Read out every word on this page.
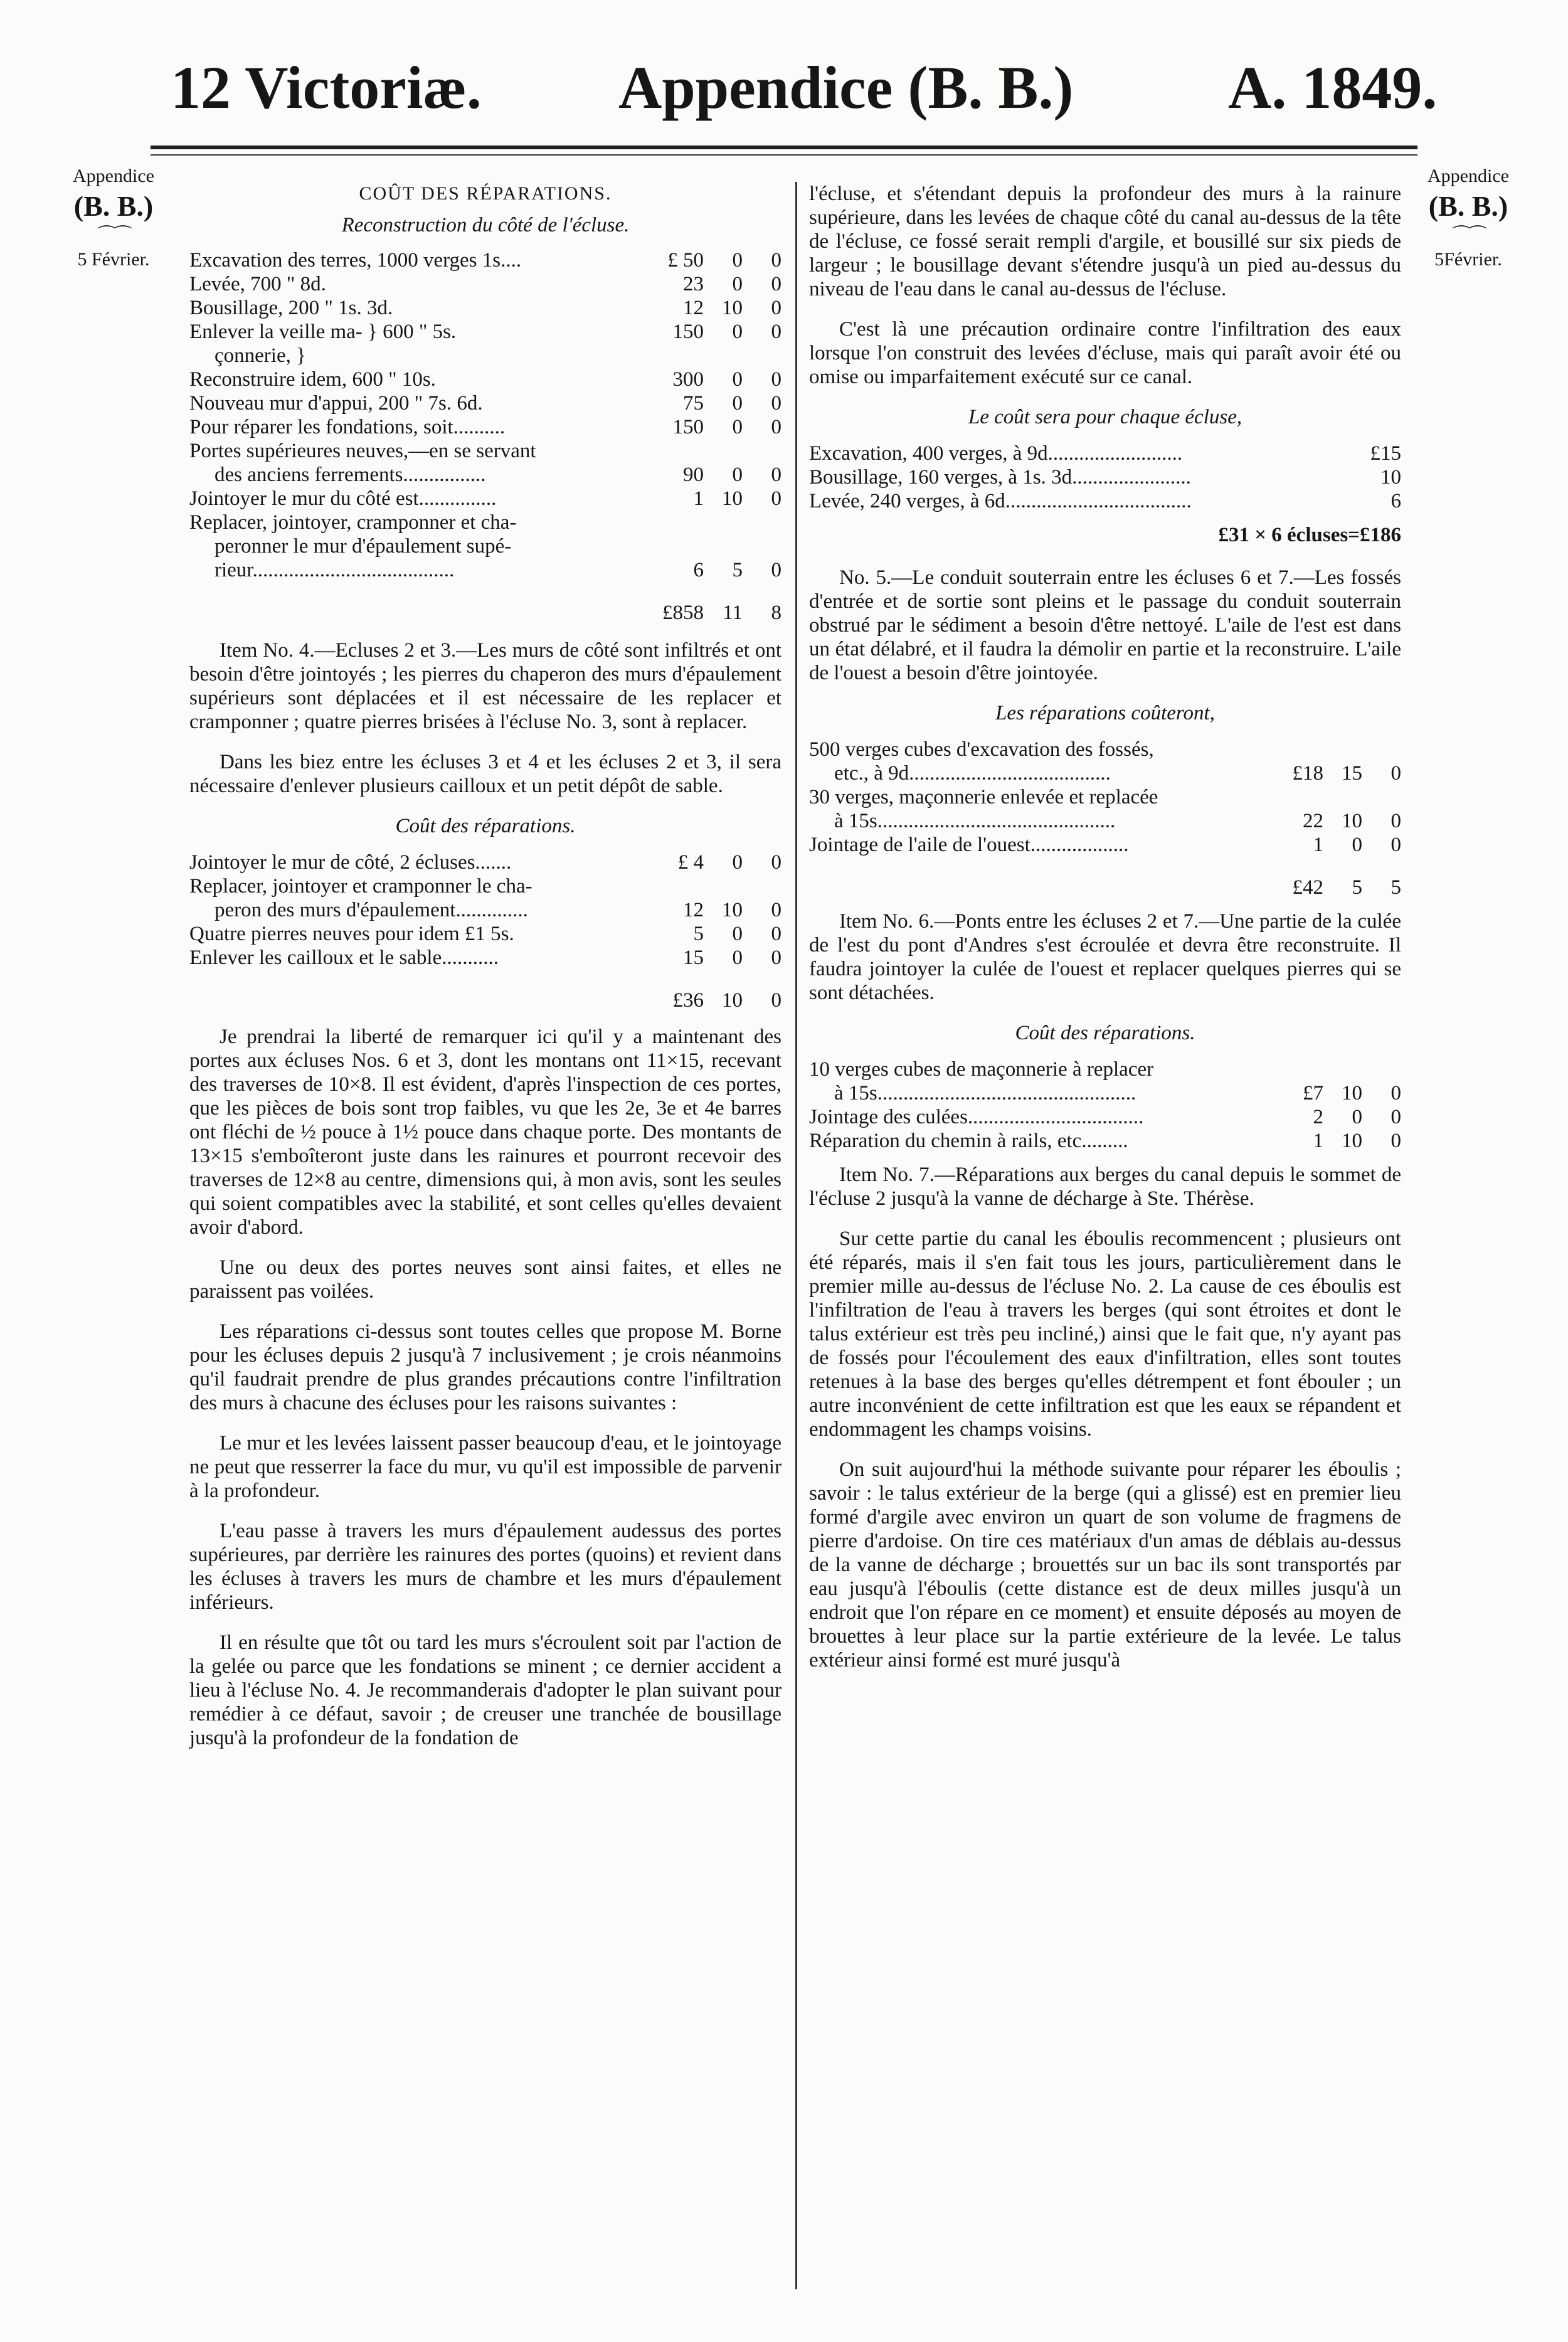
12 Victoriæ. Appendice (B. B.)	A. 1849.
Appendice
(B. B.)
⌒⌒
5 Février.
Appendice
(B. B.)
⌒⌒
5Février.
COÛT DES RÉPARATIONS.
Reconstruction du côté de l'écluse.
Excavation des terres, 1000 verges 1s....	£ 50	0	0
Levée, 700 " 8d.	23	0	0
Bousillage, 200 " 1s. 3d.	12	10	0
Enlever la veille ma- } 600 " 5s.	150	0	0
çonnerie, }			
Reconstruire idem, 600 " 10s.	300	0	0
Nouveau mur d'appui, 200 " 7s. 6d.	75	0	0
Pour réparer les fondations, soit..........	150	0	0
Portes supérieures neuves,—en se servant			
des anciens ferrements................	90	0	0
Jointoyer le mur du côté est...............	1	10	0
Replacer, jointoyer, cramponner et cha-			
peronner le mur d'épaulement supé-			
rieur.......................................	6	5	0
	£858	11	8

Item No. 4.—Ecluses 2 et 3.—Les murs de côté sont infiltrés et ont besoin d'être jointoyés ; les pierres du chaperon des murs d'épaulement supérieurs sont déplacées et il est nécessaire de les replacer et cramponner ; quatre pierres brisées à l'écluse No. 3, sont à replacer.

Dans les biez entre les écluses 3 et 4 et les écluses 2 et 3, il sera nécessaire d'enlever plusieurs cailloux et un petit dépôt de sable.

Coût des réparations.
Jointoyer le mur de côté, 2 écluses.......	£ 4	0	0
Replacer, jointoyer et cramponner le cha-			
peron des murs d'épaulement..............	12	10	0
Quatre pierres neuves pour idem £1 5s.	5	0	0
Enlever les cailloux et le sable...........	15	0	0
	£36	10	0

Je prendrai la liberté de remarquer ici qu'il y a maintenant des portes aux écluses Nos. 6 et 3, dont les montans ont 11×15, recevant des traverses de 10×8. Il est évident, d'après l'inspection de ces portes, que les pièces de bois sont trop faibles, vu que les 2e, 3e et 4e barres ont fléchi de ½ pouce à 1½ pouce dans chaque porte. Des montants de 13×15 s'emboîteront juste dans les rainures et pourront recevoir des traverses de 12×8 au centre, dimensions qui, à mon avis, sont les seules qui soient compatibles avec la stabilité, et sont celles qu'elles devaient avoir d'abord.

Une ou deux des portes neuves sont ainsi faites, et elles ne paraissent pas voilées.

Les réparations ci-dessus sont toutes celles que propose M. Borne pour les écluses depuis 2 jusqu'à 7 inclusivement ; je crois néanmoins qu'il faudrait prendre de plus grandes précautions contre l'infiltration des murs à chacune des écluses pour les raisons suivantes :

Le mur et les levées laissent passer beaucoup d'eau, et le jointoyage ne peut que resserrer la face du mur, vu qu'il est impossible de parvenir à la profondeur.

L'eau passe à travers les murs d'épaulement audessus des portes supérieures, par derrière les rainures des portes (quoins) et revient dans les écluses à travers les murs de chambre et les murs d'épaulement inférieurs.

Il en résulte que tôt ou tard les murs s'écroulent soit par l'action de la gelée ou parce que les fondations se minent ; ce dernier accident a lieu à l'écluse No. 4. Je recommanderais d'adopter le plan suivant pour remédier à ce défaut, savoir ; de creuser une tranchée de bousillage jusqu'à la profondeur de la fondation de

l'écluse, et s'étendant depuis la profondeur des murs à la rainure supérieure, dans les levées de chaque côté du canal au-dessus de la tête de l'écluse, ce fossé serait rempli d'argile, et bousillé sur six pieds de largeur ; le bousillage devant s'étendre jusqu'à un pied au-dessus du niveau de l'eau dans le canal au-dessus de l'écluse.

C'est là une précaution ordinaire contre l'infiltration des eaux lorsque l'on construit des levées d'écluse, mais qui paraît avoir été ou omise ou imparfaitement exécuté sur ce canal.

Le coût sera pour chaque écluse,
Excavation, 400 verges, à 9d..........................	£15
Bousillage, 160 verges, à 1s. 3d.......................	10
Levée, 240 verges, à 6d....................................	6
£31 × 6 écluses=£186

No. 5.—Le conduit souterrain entre les écluses 6 et 7.—Les fossés d'entrée et de sortie sont pleins et le passage du conduit souterrain obstrué par le sédiment a besoin d'être nettoyé. L'aile de l'est est dans un état délabré, et il faudra la démolir en partie et la reconstruire. L'aile de l'ouest a besoin d'être jointoyée.

Les réparations coûteront,
500 verges cubes d'excavation des fossés,			
etc., à 9d.......................................	£18	15	0
30 verges, maçonnerie enlevée et replacée			
à 15s..............................................	22	10	0
Jointage de l'aile de l'ouest...................	1	0	0
	£42	5	5

Item No. 6.—Ponts entre les écluses 2 et 7.—Une partie de la culée de l'est du pont d'Andres s'est écroulée et devra être reconstruite. Il faudra jointoyer la culée de l'ouest et replacer quelques pierres qui se sont détachées.

Coût des réparations.
10 verges cubes de maçonnerie à replacer			
à 15s..................................................	£7	10	0
Jointage des culées..................................	2	0	0
Réparation du chemin à rails, etc.........	1	10	0

Item No. 7.—Réparations aux berges du canal depuis le sommet de l'écluse 2 jusqu'à la vanne de décharge à Ste. Thérèse.

Sur cette partie du canal les éboulis recommencent ; plusieurs ont été réparés, mais il s'en fait tous les jours, particulièrement dans le premier mille au-dessus de l'écluse No. 2. La cause de ces éboulis est l'infiltration de l'eau à travers les berges (qui sont étroites et dont le talus extérieur est très peu incliné,) ainsi que le fait que, n'y ayant pas de fossés pour l'écoulement des eaux d'infiltration, elles sont toutes retenues à la base des berges qu'elles détrempent et font ébouler ; un autre inconvénient de cette infiltration est que les eaux se répandent et endommagent les champs voisins.

On suit aujourd'hui la méthode suivante pour réparer les éboulis ; savoir : le talus extérieur de la berge (qui a glissé) est en premier lieu formé d'argile avec environ un quart de son volume de fragmens de pierre d'ardoise. On tire ces matériaux d'un amas de déblais au-dessus de la vanne de décharge ; brouettés sur un bac ils sont transportés par eau jusqu'à l'éboulis (cette distance est de deux milles jusqu'à un endroit que l'on répare en ce moment) et ensuite déposés au moyen de brouettes à leur place sur la partie extérieure de la levée. Le talus extérieur ainsi formé est muré jusqu'à
